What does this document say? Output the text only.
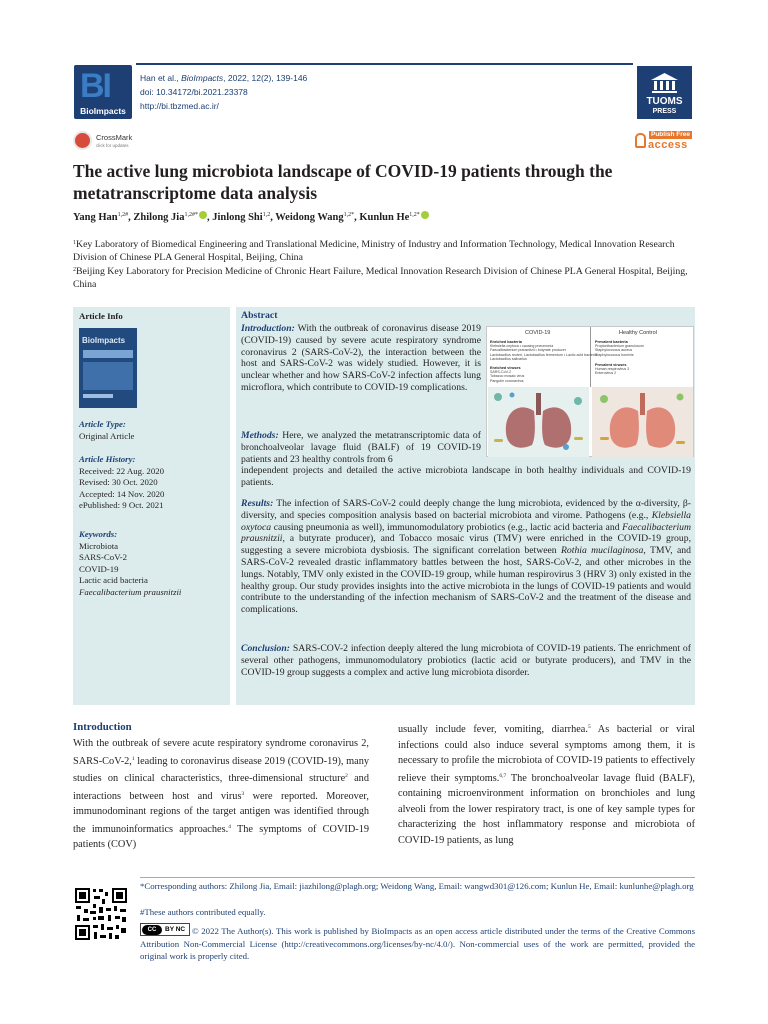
BI
BioImpacts
Han et al., BioImpacts, 2022, 12(2), 139-146
doi: 10.34172/bi.2021.23378
http://bi.tbzmed.ac.ir/	TUOMS
PRESS
CrossMark
click for updates
Publish Free
access
The active lung microbiota landscape of COVID-19 patients through the metatranscriptome data analysis
Yang Han$^{1,2\#}$, Zhilong Jia$^{1,2\#*}$ , Jinlong Shi$^{1,2}$, Weidong Wang$^{1,2*}$, Kunlun $He^{1,2*}$
$^1$Key Laboratory of Biomedical Engineering and Translational Medicine, Ministry of Industry and Information Technology, Medical Innovation Research Division of Chinese PLA General Hospital, Beijing, China
$^2$Beijing Key Laboratory for Precision Medicine of Chronic Heart Failure, Medical Innovation Research Division of Chinese PLA General Hospital, Beijing, China
Article Info
BioImpacts
Article Type:
Original Article
Article History:
Received: 22 Aug. 2020
Revised: 30 Oct. 2020
Accepted: 14 Nov. 2020
ePublished: 9 Oct. 2021
Keywords:
Microbiota
SARS-CoV-2
COVID-19
Lactic acid bacteria
Faecalibacterium prausnitzii
Abstract
Introduction: With the outbreak of coronavirus disease 2019 (COVID-19) caused by severe acute respiratory syndrome coronavirus 2 (SARS-CoV-2), the interaction between the host and SARS-CoV-2 was widely studied. However, it is unclear whether and how SARS-CoV-2 infection affects lung microflora, which contribute to COVID-19 complications.
Methods: Here, we analyzed the metatranscriptomic data of bronchoalveolar lavage fluid (BALF) of 19 COVID-19 patients and 23 healthy controls from 6
independent projects and detailed the active microbiota landscape in both healthy individuals and COVID-19 patients.
Results: The infection of SARS-CoV-2 could deeply change the lung microbiota, evidenced by the α-diversity, β-diversity, and species composition analysis based on bacterial microbiota and virome. Pathogens (e.g., Klebsiella oxytoca causing pneumonia as well), immunomodulatory probiotics (e.g., lactic acid bacteria and Faecalibacterium prausnitzii, a butyrate producer), and Tobacco mosaic virus (TMV) were enriched in the COVID-19 group, suggesting a severe microbiota dysbiosis. The significant correlation between Rothia mucilaginosa, TMV, and SARS-CoV-2 revealed drastic inflammatory battles between the host, SARS-CoV-2, and other microbes in the lungs. Notably, TMV only existed in the COVID-19 group, while human respirovirus 3 (HRV 3) only existed in the healthy group. Our study provides insights into the active microbiota in the lungs of COVID-19 patients and would contribute to the understanding of the infection mechanism of SARS-CoV-2 and the treatment of the disease and complications.
Conclusion: SARS-COV-2 infection deeply altered the lung microbiota of COVID-19 patients. The enrichment of several other pathogens, immunomodulatory probiotics (lactic acid or butyrate producers), and TMV in the COVID-19 group suggests a complex and active lung microbiota disorder.
COVID-19	Healthy Control
Enriched bacteria
Klebsiella oxytoca • causing pneumonia
Faecalibacterium prausnitzii • butyrate producer
Lactobacillus reuteri, Lactobacillus fermentum • Lactic acid bacteria
Lactobacillus salivarius
Enriched viruses
SARS-CoV-2
Tobacco mosaic virus
Pangolin coronavirus
Prevalent bacteria
Propionibacterium granulosum
Staphylococcus aureus
Staphylococcus hominis
Prevalent viruses
Human respirovirus 3
Enterovirus 2
Introduction
With the outbreak of severe acute respiratory syndrome coronavirus 2, SARS-CoV-2,$^1$ leading to coronavirus disease 2019 (COVID-19), many studies on clinical characteristics, three-dimensional structure$^2$ and interactions between host and virus$^3$ were reported. Moreover, immunodominant regions of the target antigen was identified through the immunoinformatics approaches.$^4$ The symptoms of COVID-19 patients (COV)
usually include fever, vomiting, diarrhea.$^5$ As bacterial or viral infections could also induce several symptoms among them, it is necessary to profile the microbiota of COVID-19 patients to effectively relieve their symptoms.$^{6,7}$ The bronchoalveolar lavage fluid (BALF), containing microenvironment information on bronchioles and lung alveoli from the lower respiratory tract, is one of key sample types for characterizing the host inflammatory response and microbiota of COVID-19 patients, as lung
*Corresponding authors: Zhilong Jia, Email: jiazhilong@plagh.org; Weidong Wang, Email: wangwd301@126.com; Kunlun He, Email: kunlunhe@plagh.org
#These authors contributed equally.
© 2022 The Author(s). This work is published by BioImpacts as an open access article distributed under the terms of the Creative Commons Attribution Non-Commercial License (http://creativecommons.org/licenses/by-nc/4.0/). Non-commercial uses of the work are permitted, provided the original work is properly cited.
CC	BY NC
